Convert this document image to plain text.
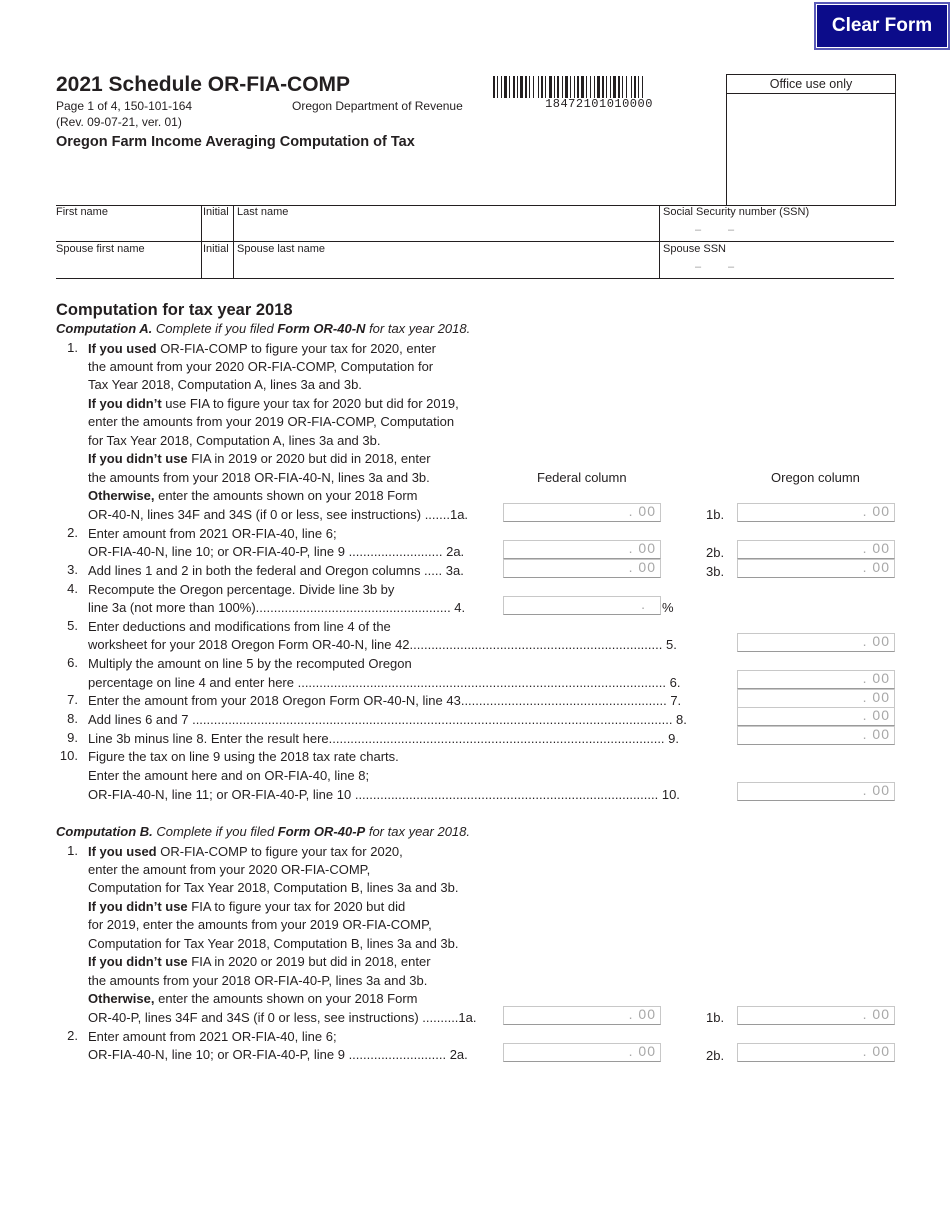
Clear Form
2021 Schedule OR-FIA-COMP
Page 1 of 4, 150-101-164	Oregon Department of Revenue
(Rev. 09-07-21, ver. 01)
Oregon Farm Income Averaging Computation of Tax
18472101010000
Office use only
First name	Initial Last name	Social Security number (SSN)
– –
Spouse first name	Initial Spouse last name	Spouse SSN
– –
Computation for tax year 2018
Computation A. Complete if you filed Form OR-40-N for tax year 2018.
1. If you used OR-FIA-COMP to figure your tax for 2020, enter
the amount from your 2020 OR-FIA-COMP, Computation for
Tax Year 2018, Computation A, lines 3a and 3b.
If you didn’t use FIA to figure your tax for 2020 but did for 2019,
enter the amounts from your 2019 OR-FIA-COMP, Computation
for Tax Year 2018, Computation A, lines 3a and 3b.
If you didn’t use FIA in 2019 or 2020 but did in 2018, enter
the amounts from your 2018 OR-FIA-40-N, lines 3a and 3b.	Federal column	Oregon column
Otherwise, enter the amounts shown on your 2018 Form
OR-40-N, lines 34F and 34S (if 0 or less, see instructions) .......1a.	. 00	1b.	. 00
2. Enter amount from 2021 OR-FIA-40, line 6;
OR-FIA-40-N, line 10; or OR-FIA-40-P, line 9 .......................... 2a.	. 00	2b.	. 00
3. Add lines 1 and 2 in both the federal and Oregon columns ..... 3a.	. 00	3b.	. 00
4. Recompute the Oregon percentage. Divide line 3b by
line 3a (not more than 100%)...................................................... 4.	. %
5. Enter deductions and modifications from line 4 of the
worksheet for your 2018 Oregon Form OR-40-N, line 42...................................................................... 5.	. 00
6. Multiply the amount on line 5 by the recomputed Oregon
percentage on line 4 and enter here ...................................................................................................... 6.	. 00
7. Enter the amount from your 2018 Oregon Form OR-40-N, line 43......................................................... 7.	. 00
8. Add lines 6 and 7 ..................................................................................................................................... 8.	. 00
9. Line 3b minus line 8. Enter the result here............................................................................................. 9.	. 00
10. Figure the tax on line 9 using the 2018 tax rate charts.
Enter the amount here and on OR-FIA-40, line 8;
OR-FIA-40-N, line 11; or OR-FIA-40-P, line 10 .................................................................................... 10.	. 00
Computation B. Complete if you filed Form OR-40-P for tax year 2018.
1. If you used OR-FIA-COMP to figure your tax for 2020,
enter the amount from your 2020 OR-FIA-COMP,
Computation for Tax Year 2018, Computation B, lines 3a and 3b.
If you didn’t use FIA to figure your tax for 2020 but did
for 2019, enter the amounts from your 2019 OR-FIA-COMP,
Computation for Tax Year 2018, Computation B, lines 3a and 3b.
If you didn’t use FIA in 2020 or 2019 but did in 2018, enter
the amounts from your 2018 OR-FIA-40-P, lines 3a and 3b.
Otherwise, enter the amounts shown on your 2018 Form
OR-40-P, lines 34F and 34S (if 0 or less, see instructions) ..........1a.	. 00	1b.	. 00
2. Enter amount from 2021 OR-FIA-40, line 6;
OR-FIA-40-N, line 10; or OR-FIA-40-P, line 9 ........................... 2a.	. 00	2b.	. 00
